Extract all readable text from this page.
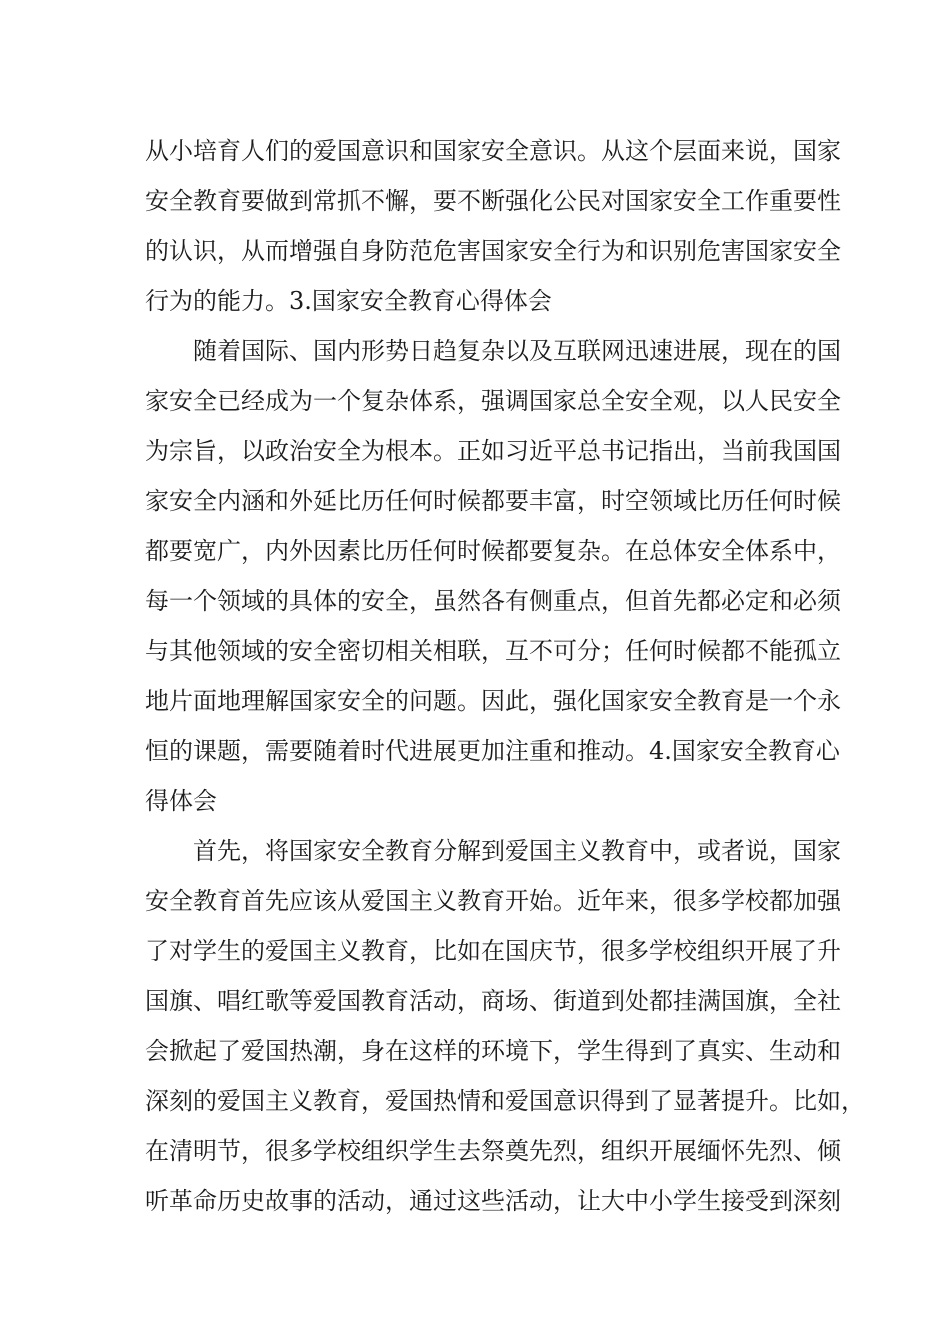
从小培育人们的爱国意识和国家安全意识。从这个层面来说，国家

安全教育要做到常抓不懈，要不断强化公民对国家安全工作重要性

的认识，从而增强自身防范危害国家安全行为和识别危害国家安全

行为的能力。3.国家安全教育心得体会

随着国际、国内形势日趋复杂以及互联网迅速进展，现在的国

家安全已经成为一个复杂体系，强调国家总全安全观，以人民安全

为宗旨，以政治安全为根本。正如习近平总书记指出，当前我国国

家安全内涵和外延比历任何时候都要丰富，时空领域比历任何时候

都要宽广，内外因素比历任何时候都要复杂。在总体安全体系中，

每一个领域的具体的安全，虽然各有侧重点，但首先都必定和必须

与其他领域的安全密切相关相联，互不可分；任何时候都不能孤立

地片面地理解国家安全的问题。因此，强化国家安全教育是一个永

恒的课题，需要随着时代进展更加注重和推动。4.国家安全教育心

得体会

首先，将国家安全教育分解到爱国主义教育中，或者说，国家

安全教育首先应该从爱国主义教育开始。近年来，很多学校都加强

了对学生的爱国主义教育，比如在国庆节，很多学校组织开展了升

国旗、唱红歌等爱国教育活动，商场、街道到处都挂满国旗，全社

会掀起了爱国热潮，身在这样的环境下，学生得到了真实、生动和

深刻的爱国主义教育，爱国热情和爱国意识得到了显著提升。比如，

在清明节，很多学校组织学生去祭奠先烈，组织开展缅怀先烈、倾

听革命历史故事的活动，通过这些活动，让大中小学生接受到深刻
